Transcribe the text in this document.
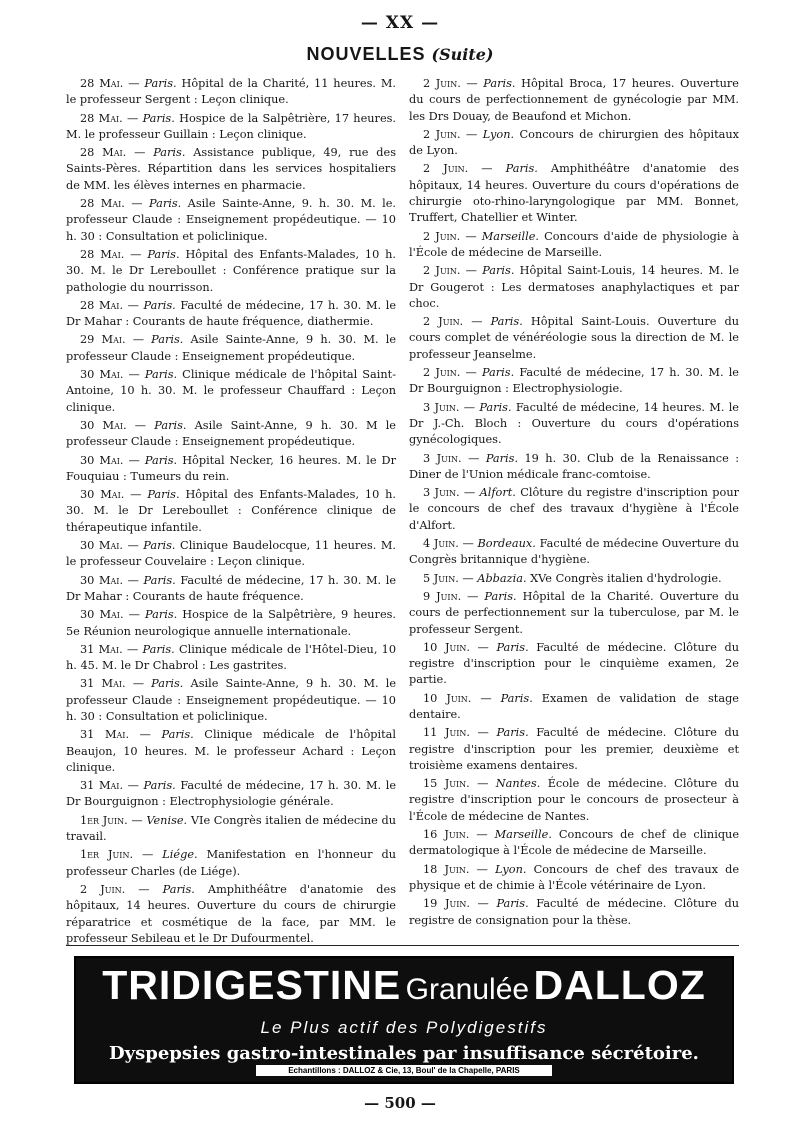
— XX —
NOUVELLES (Suite)

28 Mai. — Paris. Hôpital de la Charité, 11 heures. M. le professeur Sergent : Leçon clinique.

28 Mai. — Paris. Hospice de la Salpêtrière, 17 heures. M. le professeur Guillain : Leçon clinique.

28 Mai. — Paris. Assistance publique, 49, rue des Saints-Pères. Répartition dans les services hospitaliers de MM. les élèves internes en pharmacie.

28 Mai. — Paris. Asile Sainte-Anne, 9. h. 30. M. le. professeur Claude : Enseignement propédeutique. — 10 h. 30 : Consultation et policlinique.

28 Mai. — Paris. Hôpital des Enfants-Malades, 10 h. 30. M. le Dr Lereboullet : Conférence pratique sur la pathologie du nourrisson.

28 Mai. — Paris. Faculté de médecine, 17 h. 30. M. le Dr Mahar : Courants de haute fréquence, diathermie.

29 Mai. — Paris. Asile Sainte-Anne, 9 h. 30. M. le professeur Claude : Enseignement propédeutique.

30 Mai. — Paris. Clinique médicale de l'hôpital Saint-Antoine, 10 h. 30. M. le professeur Chauffard : Leçon clinique.

30 Mai. — Paris. Asile Saint-Anne, 9 h. 30. M le professeur Claude : Enseignement propédeutique.

30 Mai. — Paris. Hôpital Necker, 16 heures. M. le Dr Fouquiau : Tumeurs du rein.

30 Mai. — Paris. Hôpital des Enfants-Malades, 10 h. 30. M. le Dr Lereboullet : Conférence clinique de thérapeutique infantile.

30 Mai. — Paris. Clinique Baudelocque, 11 heures. M. le professeur Couvelaire : Leçon clinique.

30 Mai. — Paris. Faculté de médecine, 17 h. 30. M. le Dr Mahar : Courants de haute fréquence.

30 Mai. — Paris. Hospice de la Salpêtrière, 9 heures. 5e Réunion neurologique annuelle internationale.

31 Mai. — Paris. Clinique médicale de l'Hôtel-Dieu, 10 h. 45. M. le Dr Chabrol : Les gastrites.

31 Mai. — Paris. Asile Sainte-Anne, 9 h. 30. M. le professeur Claude : Enseignement propédeutique. — 10 h. 30 : Consultation et policlinique.

31 Mai. — Paris. Clinique médicale de l'hôpital Beaujon, 10 heures. M. le professeur Achard : Leçon clinique.

31 Mai. — Paris. Faculté de médecine, 17 h. 30. M. le Dr Bourguignon : Electrophysiologie générale.

1er Juin. — Venise. VIe Congrès italien de médecine du travail.

1er Juin. — Liége. Manifestation en l'honneur du professeur Charles (de Liége).

2 Juin. — Paris. Amphithéâtre d'anatomie des hôpitaux, 14 heures. Ouverture du cours de chirurgie réparatrice et cosmétique de la face, par MM. le professeur Sebileau et le Dr Dufourmentel.

2 Juin. — Paris. Hôpital Broca, 17 heures. Ouverture du cours de perfectionnement de gynécologie par MM. les Drs Douay, de Beaufond et Michon.

2 Juin. — Lyon. Concours de chirurgien des hôpitaux de Lyon.

2 Juin. — Paris. Amphithéâtre d'anatomie des hôpitaux, 14 heures. Ouverture du cours d'opérations de chirurgie oto-rhino-laryngologique par MM. Bonnet, Truffert, Chatellier et Winter.

2 Juin. — Marseille. Concours d'aide de physiologie à l'École de médecine de Marseille.

2 Juin. — Paris. Hôpital Saint-Louis, 14 heures. M. le Dr Gougerot : Les dermatoses anaphylactiques et par choc.

2 Juin. — Paris. Hôpital Saint-Louis. Ouverture du cours complet de vénéréologie sous la direction de M. le professeur Jeanselme.

2 Juin. — Paris. Faculté de médecine, 17 h. 30. M. le Dr Bourguignon : Electrophysiologie.

3 Juin. — Paris. Faculté de médecine, 14 heures. M. le Dr J.-Ch. Bloch : Ouverture du cours d'opérations gynécologiques.

3 Juin. — Paris. 19 h. 30. Club de la Renaissance : Diner de l'Union médicale franc-comtoise.

3 Juin. — Alfort. Clôture du registre d'inscription pour le concours de chef des travaux d'hygiène à l'École d'Alfort.

4 Juin. — Bordeaux. Faculté de médecine Ouverture du Congrès britannique d'hygiène.

5 Juin. — Abbazia. XVe Congrès italien d'hydrologie.

9 Juin. — Paris. Hôpital de la Charité. Ouverture du cours de perfectionnement sur la tuberculose, par M. le professeur Sergent.

10 Juin. — Paris. Faculté de médecine. Clôture du registre d'inscription pour le cinquième examen, 2e partie.

10 Juin. — Paris. Examen de validation de stage dentaire.

11 Juin. — Paris. Faculté de médecine. Clôture du registre d'inscription pour les premier, deuxième et troisième examens dentaires.

15 Juin. — Nantes. École de médecine. Clôture du registre d'inscription pour le concours de prosecteur à l'École de médecine de Nantes.

16 Juin. — Marseille. Concours de chef de clinique dermatologique à l'École de médecine de Marseille.

18 Juin. — Lyon. Concours de chef des travaux de physique et de chimie à l'École vétérinaire de Lyon.

19 Juin. — Paris. Faculté de médecine. Clôture du registre de consignation pour la thèse.

TRIDIGESTINE Granulée DALLOZ
Le Plus actif des Polydigestifs
Dyspepsies gastro-intestinales par insuffisance sécrétoire.
Echantillons : DALLOZ & Cie, 13, Boul' de la Chapelle, PARIS
— 500 —
